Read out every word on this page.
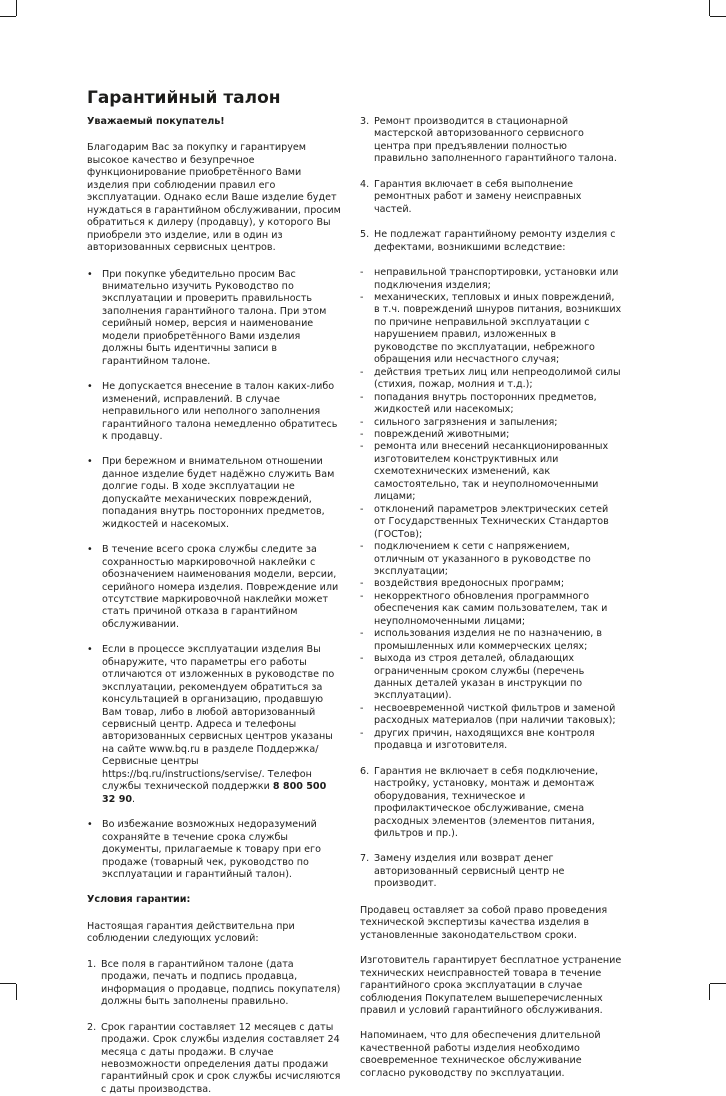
Гарантийный талон

Уважаемый покупатель!

Благодарим Вас за покупку и гарантируем высокое качество и безупречное функционирование приобретённого Вами изделия при соблюдении правил его эксплуатации. Однако если Ваше изделие будет нуждаться в гарантийном обслуживании, просим обратиться к дилеру (продавцу), у которого Вы приобрели это изделие, или в один из авторизованных сервисных центров.

• При покупке убедительно просим Вас внимательно изучить Руководство по эксплуатации и проверить правильность заполнения гарантийного талона. При этом серийный номер, версия и наименование модели приобретённого Вами изделия должны быть идентичны записи в гарантийном талоне.
• Не допускается внесение в талон каких-либо изменений, исправлений. В случае неправильного или неполного заполнения гарантийного талона немедленно обратитесь к продавцу.
• При бережном и внимательном отношении данное изделие будет надёжно служить Вам долгие годы. В ходе эксплуатации не допускайте механических повреждений, попадания внутрь посторонних предметов, жидкостей и насекомых.
• В течение всего срока службы следите за сохранностью маркировочной наклейки с обозначением наименования модели, версии, серийного номера изделия. Повреждение или отсутствие маркировочной наклейки может стать причиной отказа в гарантийном обслуживании.
• Если в процессе эксплуатации изделия Вы обнаружите, что параметры его работы отличаются от изложенных в руководстве по эксплуатации, рекомендуем обратиться за консультацией в организацию, продавшую Вам товар, либо в любой авторизованный сервисный центр. Адреса и телефоны авторизованных сервисных центров указаны на сайте www.bq.ru в разделе Поддержка/Сервисные центры https://bq.ru/instructions/servise/. Телефон службы технической поддержки 8 800 500 32 90.
• Во избежание возможных недоразумений сохраняйте в течение срока службы документы, прилагаемые к товару при его продаже (товарный чек, руководство по эксплуатации и гарантийный талон).

Условия гарантии:

Настоящая гарантия действительна при соблюдении следующих условий:

1. Все поля в гарантийном талоне (дата продажи, печать и подпись продавца, информация о продавце, подпись покупателя) должны быть заполнены правильно.
2. Срок гарантии составляет 12 месяцев с даты продажи. Срок службы изделия составляет 24 месяца с даты продажи. В случае невозможности определения даты продажи гарантийный срок и срок службы исчисляются с даты производства.
3. Ремонт производится в стационарной мастерской авторизованного сервисного центра при предъявлении полностью правильно заполненного гарантийного талона.
4. Гарантия включает в себя выполнение ремонтных работ и замену неисправных частей.
5. Не подлежат гарантийному ремонту изделия с дефектами, возникшими вследствие:
-	неправильной транспортировки, установки или подключения изделия;
-	механических, тепловых и иных повреждений, в т.ч. повреждений шнуров питания, возникших по причине неправильной эксплуатации с нарушением правил, изложенных в руководстве по эксплуатации, небрежного обращения или несчастного случая;
-	действия третьих лиц или непреодолимой силы (стихия, пожар, молния и т.д.);
-	попадания внутрь посторонних предметов, жидкостей или насекомых;
-	сильного загрязнения и запыления;
-	повреждений животными;
-	ремонта или внесений несанкционированных изготовителем конструктивных или схемотехнических изменений, как самостоятельно, так и неуполномоченными лицами;
-	отклонений параметров электрических сетей от Государственных Технических Стандартов (ГОСТов);
-	подключением к сети с напряжением, отличным от указанного в руководстве по эксплуатации;
-	воздействия вредоносных программ;
-	некорректного обновления программного обеспечения как самим пользователем, так и неуполномоченными лицами;
-	использования изделия не по назначению, в промышленных или коммерческих целях;
-	выхода из строя деталей, обладающих ограниченным сроком службы (перечень данных деталей указан в инструкции по эксплуатации).
-	несвоевременной чисткой фильтров и заменой расходных материалов (при наличии таковых);
-	других причин, находящихся вне контроля продавца и изготовителя.
6. Гарантия не включает в себя подключение, настройку, установку, монтаж и демонтаж оборудования, техническое и профилактическое обслуживание, смена расходных элементов (элементов питания, фильтров и пр.).
7. Замену изделия или возврат денег авторизованный сервисный центр не производит.

Продавец оставляет за собой право проведения технической экспертизы качества изделия в установленные законодательством сроки.

Изготовитель гарантирует бесплатное устранение технических неисправностей товара в течение гарантийного срока эксплуатации в случае соблюдения Покупателем вышеперечисленных правил и условий гарантийного обслуживания.

Напоминаем, что для обеспечения длительной качественной работы изделия необходимо своевременное техническое обслуживание согласно руководству по эксплуатации.
